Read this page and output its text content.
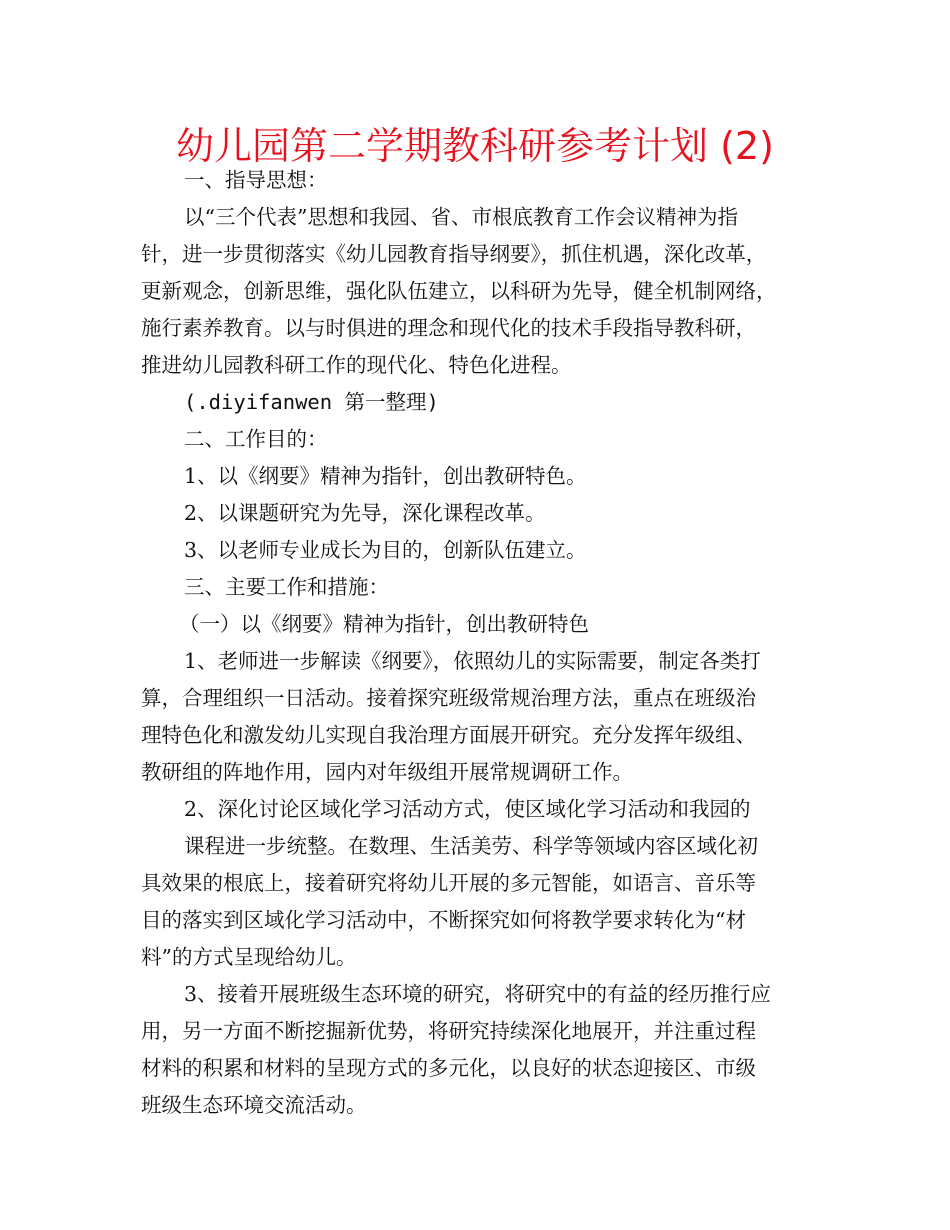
幼儿园第二学期教科研参考计划 (2)
一、指导思想：
以“三个代表”思想和我园、省、市根底教育工作会议精神为指
针，进一步贯彻落实《幼儿园教育指导纲要》，抓住机遇，深化改革，
更新观念，创新思维，强化队伍建立，以科研为先导，健全机制网络，
施行素养教育。以与时俱进的理念和现代化的技术手段指导教科研，
推进幼儿园教科研工作的现代化、特色化进程。
(.diyifanwen 第一整理)
二、工作目的：
1、以《纲要》精神为指针，创出教研特色。
2、以课题研究为先导，深化课程改革。
3、以老师专业成长为目的，创新队伍建立。
三、主要工作和措施：
（一）以《纲要》精神为指针，创出教研特色
1、老师进一步解读《纲要》，依照幼儿的实际需要，制定各类打
算，合理组织一日活动。接着探究班级常规治理方法，重点在班级治
理特色化和激发幼儿实现自我治理方面展开研究。充分发挥年级组、
教研组的阵地作用，园内对年级组开展常规调研工作。
2、深化讨论区域化学习活动方式，使区域化学习活动和我园的
课程进一步统整。在数理、生活美劳、科学等领域内容区域化初
具效果的根底上，接着研究将幼儿开展的多元智能，如语言、音乐等
目的落实到区域化学习活动中，不断探究如何将教学要求转化为“材
料”的方式呈现给幼儿。
3、接着开展班级生态环境的研究，将研究中的有益的经历推行应
用，另一方面不断挖掘新优势，将研究持续深化地展开，并注重过程
材料的积累和材料的呈现方式的多元化，以良好的状态迎接区、市级
班级生态环境交流活动。
